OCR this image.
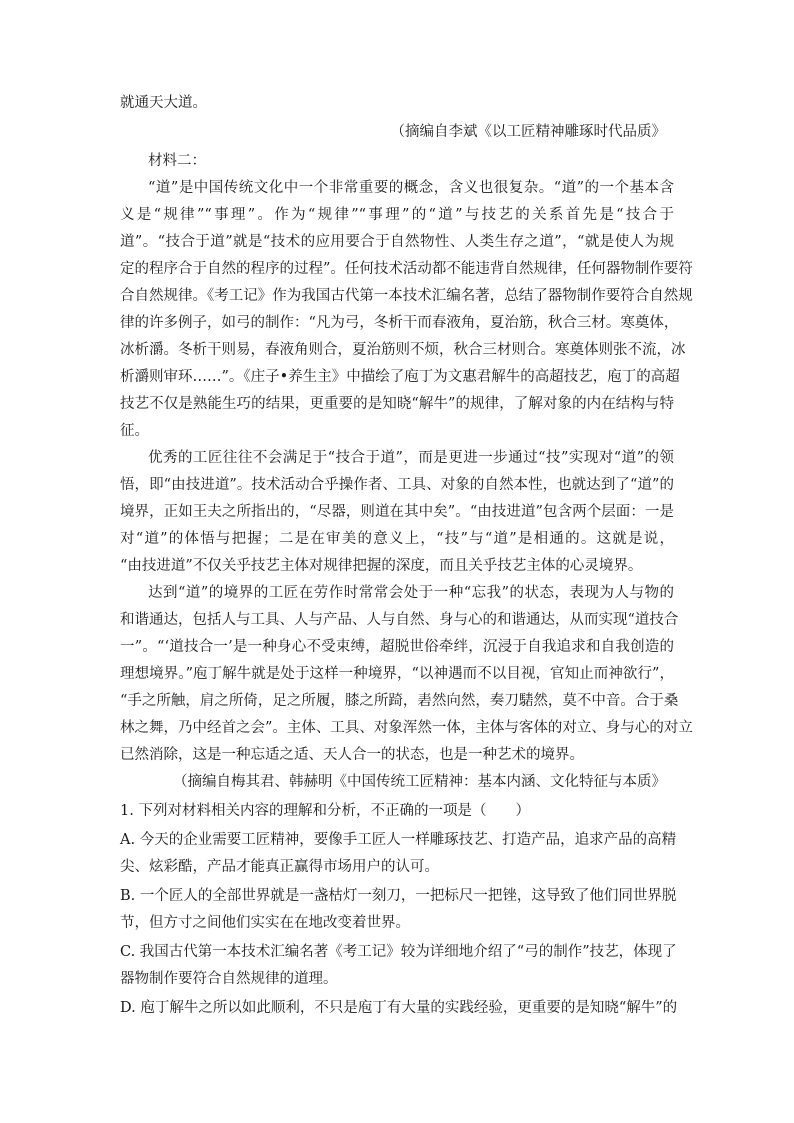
就通天大道。
（摘编自李斌《以工匠精神雕琢时代品质》
材料二：
“道”是中国传统文化中一个非常重要的概念，含义也很复杂。“道”的一个基本含
义是“规律”“事理”。作为“规律”“事理”的“道”与技艺的关系首先是“技合于
道”。“技合于道”就是“技术的应用要合于自然物性、人类生存之道”，“就是使人为规
定的程序合于自然的程序的过程”。任何技术活动都不能违背自然规律，任何器物制作要符
合自然规律。《考工记》作为我国古代第一本技术汇编名著，总结了器物制作要符合自然规
律的许多例子，如弓的制作：“凡为弓，冬析干而春液角，夏治筋，秋合三材。寒奠体，
冰析灂。冬析干则易，春液角则合，夏治筋则不烦，秋合三材则合。寒奠体则张不流，冰
析灂则审环……”。《庄子•养生主》中描绘了庖丁为文惠君解牛的高超技艺，庖丁的高超
技艺不仅是熟能生巧的结果，更重要的是知晓“解牛”的规律，了解对象的内在结构与特
征。
优秀的工匠往往不会满足于“技合于道”，而是更进一步通过“技”实现对“道”的领
悟，即“由技进道”。技术活动合乎操作者、工具、对象的自然本性，也就达到了“道”的
境界，正如王夫之所指出的，“尽器，则道在其中矣”。“由技进道”包含两个层面：一是
对“道”的体悟与把握；二是在审美的意义上，“技”与“道”是相通的。这就是说，
“由技进道”不仅关乎技艺主体对规律把握的深度，而且关乎技艺主体的心灵境界。
达到“道”的境界的工匠在劳作时常常会处于一种“忘我”的状态，表现为人与物的
和谐通达，包括人与工具、人与产品、人与自然、身与心的和谐通达，从而实现“道技合
一”。“‘道技合一’是一种身心不受束缚，超脱世俗牵绊，沉浸于自我追求和自我创造的
理想境界。”庖丁解牛就是处于这样一种境界，“以神遇而不以目视，官知止而神欲行”，
“手之所触，肩之所倚，足之所履，膝之所踦，砉然向然，奏刀騞然，莫不中音。合于桑
林之舞，乃中经首之会”。主体、工具、对象浑然一体，主体与客体的对立、身与心的对立
已然消除，这是一种忘适之适、天人合一的状态，也是一种艺术的境界。
（摘编自梅其君、韩赫明《中国传统工匠精神：基本内涵、文化特征与本质》
1. 下列对材料相关内容的理解和分析，不正确的一项是（　　）
A. 今天的企业需要工匠精神，要像手工匠人一样雕琢技艺、打造产品，追求产品的高精
尖、炫彩酷，产品才能真正赢得市场用户的认可。
B. 一个匠人的全部世界就是一盏枯灯一刻刀，一把标尺一把锉，这导致了他们同世界脱
节，但方寸之间他们实实在在地改变着世界。
C. 我国古代第一本技术汇编名著《考工记》较为详细地介绍了“弓的制作”技艺，体现了
器物制作要符合自然规律的道理。
D. 庖丁解牛之所以如此顺利，不只是庖丁有大量的实践经验，更重要的是知晓“解牛”的
